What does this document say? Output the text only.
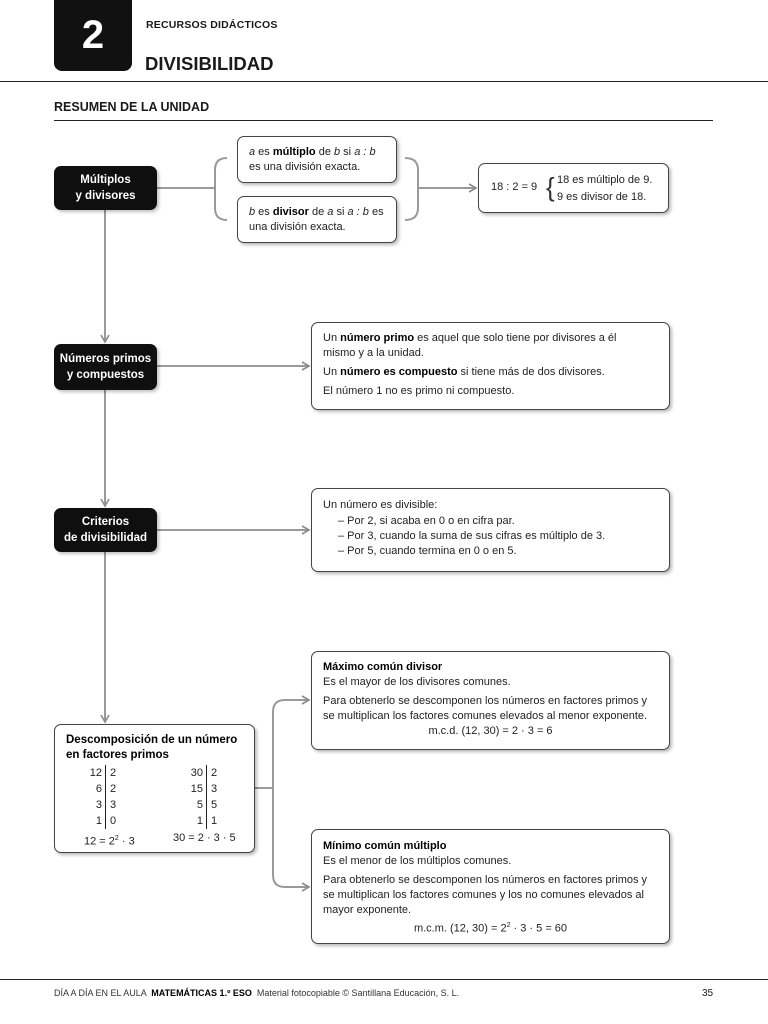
2	RECURSOS DIDÁCTICOS
DIVISIBILIDAD
RESUMEN DE LA UNIDAD
Múltiplos
y divisores
Números primos
y compuestos
Criterios
de divisibilidad

a es múltiplo de b si a : b

es una división exacta.

b es divisor de a si a : b es

una división exacta.

18 : 2 = 9 { 18 es múltiplo de 9.
9 es divisor de 18.

Un número primo es aquel que solo tiene por divisores a él

mismo y a la unidad.

Un número es compuesto si tiene más de dos divisores.

El número 1 no es primo ni compuesto.

Un número es divisible:

– Por 2, si acaba en 0 o en cifra par.

– Por 3, cuando la suma de sus cifras es múltiplo de 3.

– Por 5, cuando termina en 0 o en 5.

Descomposición de un número

en factores primos

12 2
6 2
3 3
1 0
30 2
15 3
5 5
1 1
$12 = 2^2 \cdot 3$	30 = 2 · 3 · 5

Máximo común divisor

Es el mayor de los divisores comunes.

Para obtenerlo se descomponen los números en factores primos y

se multiplican los factores comunes elevados al menor exponente.

m.c.d. (12, 30) = 2 · 3 = 6

Mínimo común múltiplo

Es el menor de los múltiplos comunes.

Para obtenerlo se descomponen los números en factores primos y

se multiplican los factores comunes y los no comunes elevados al

mayor exponente.

m.c.m. (12, $30) = 2^2 \cdot 3 \cdot 5 = 60$

DÍA A DÍA EN EL AULA  MATEMÁTICAS 1.º ESO  Material fotocopiable © Santillana Educación, S. L.	35
